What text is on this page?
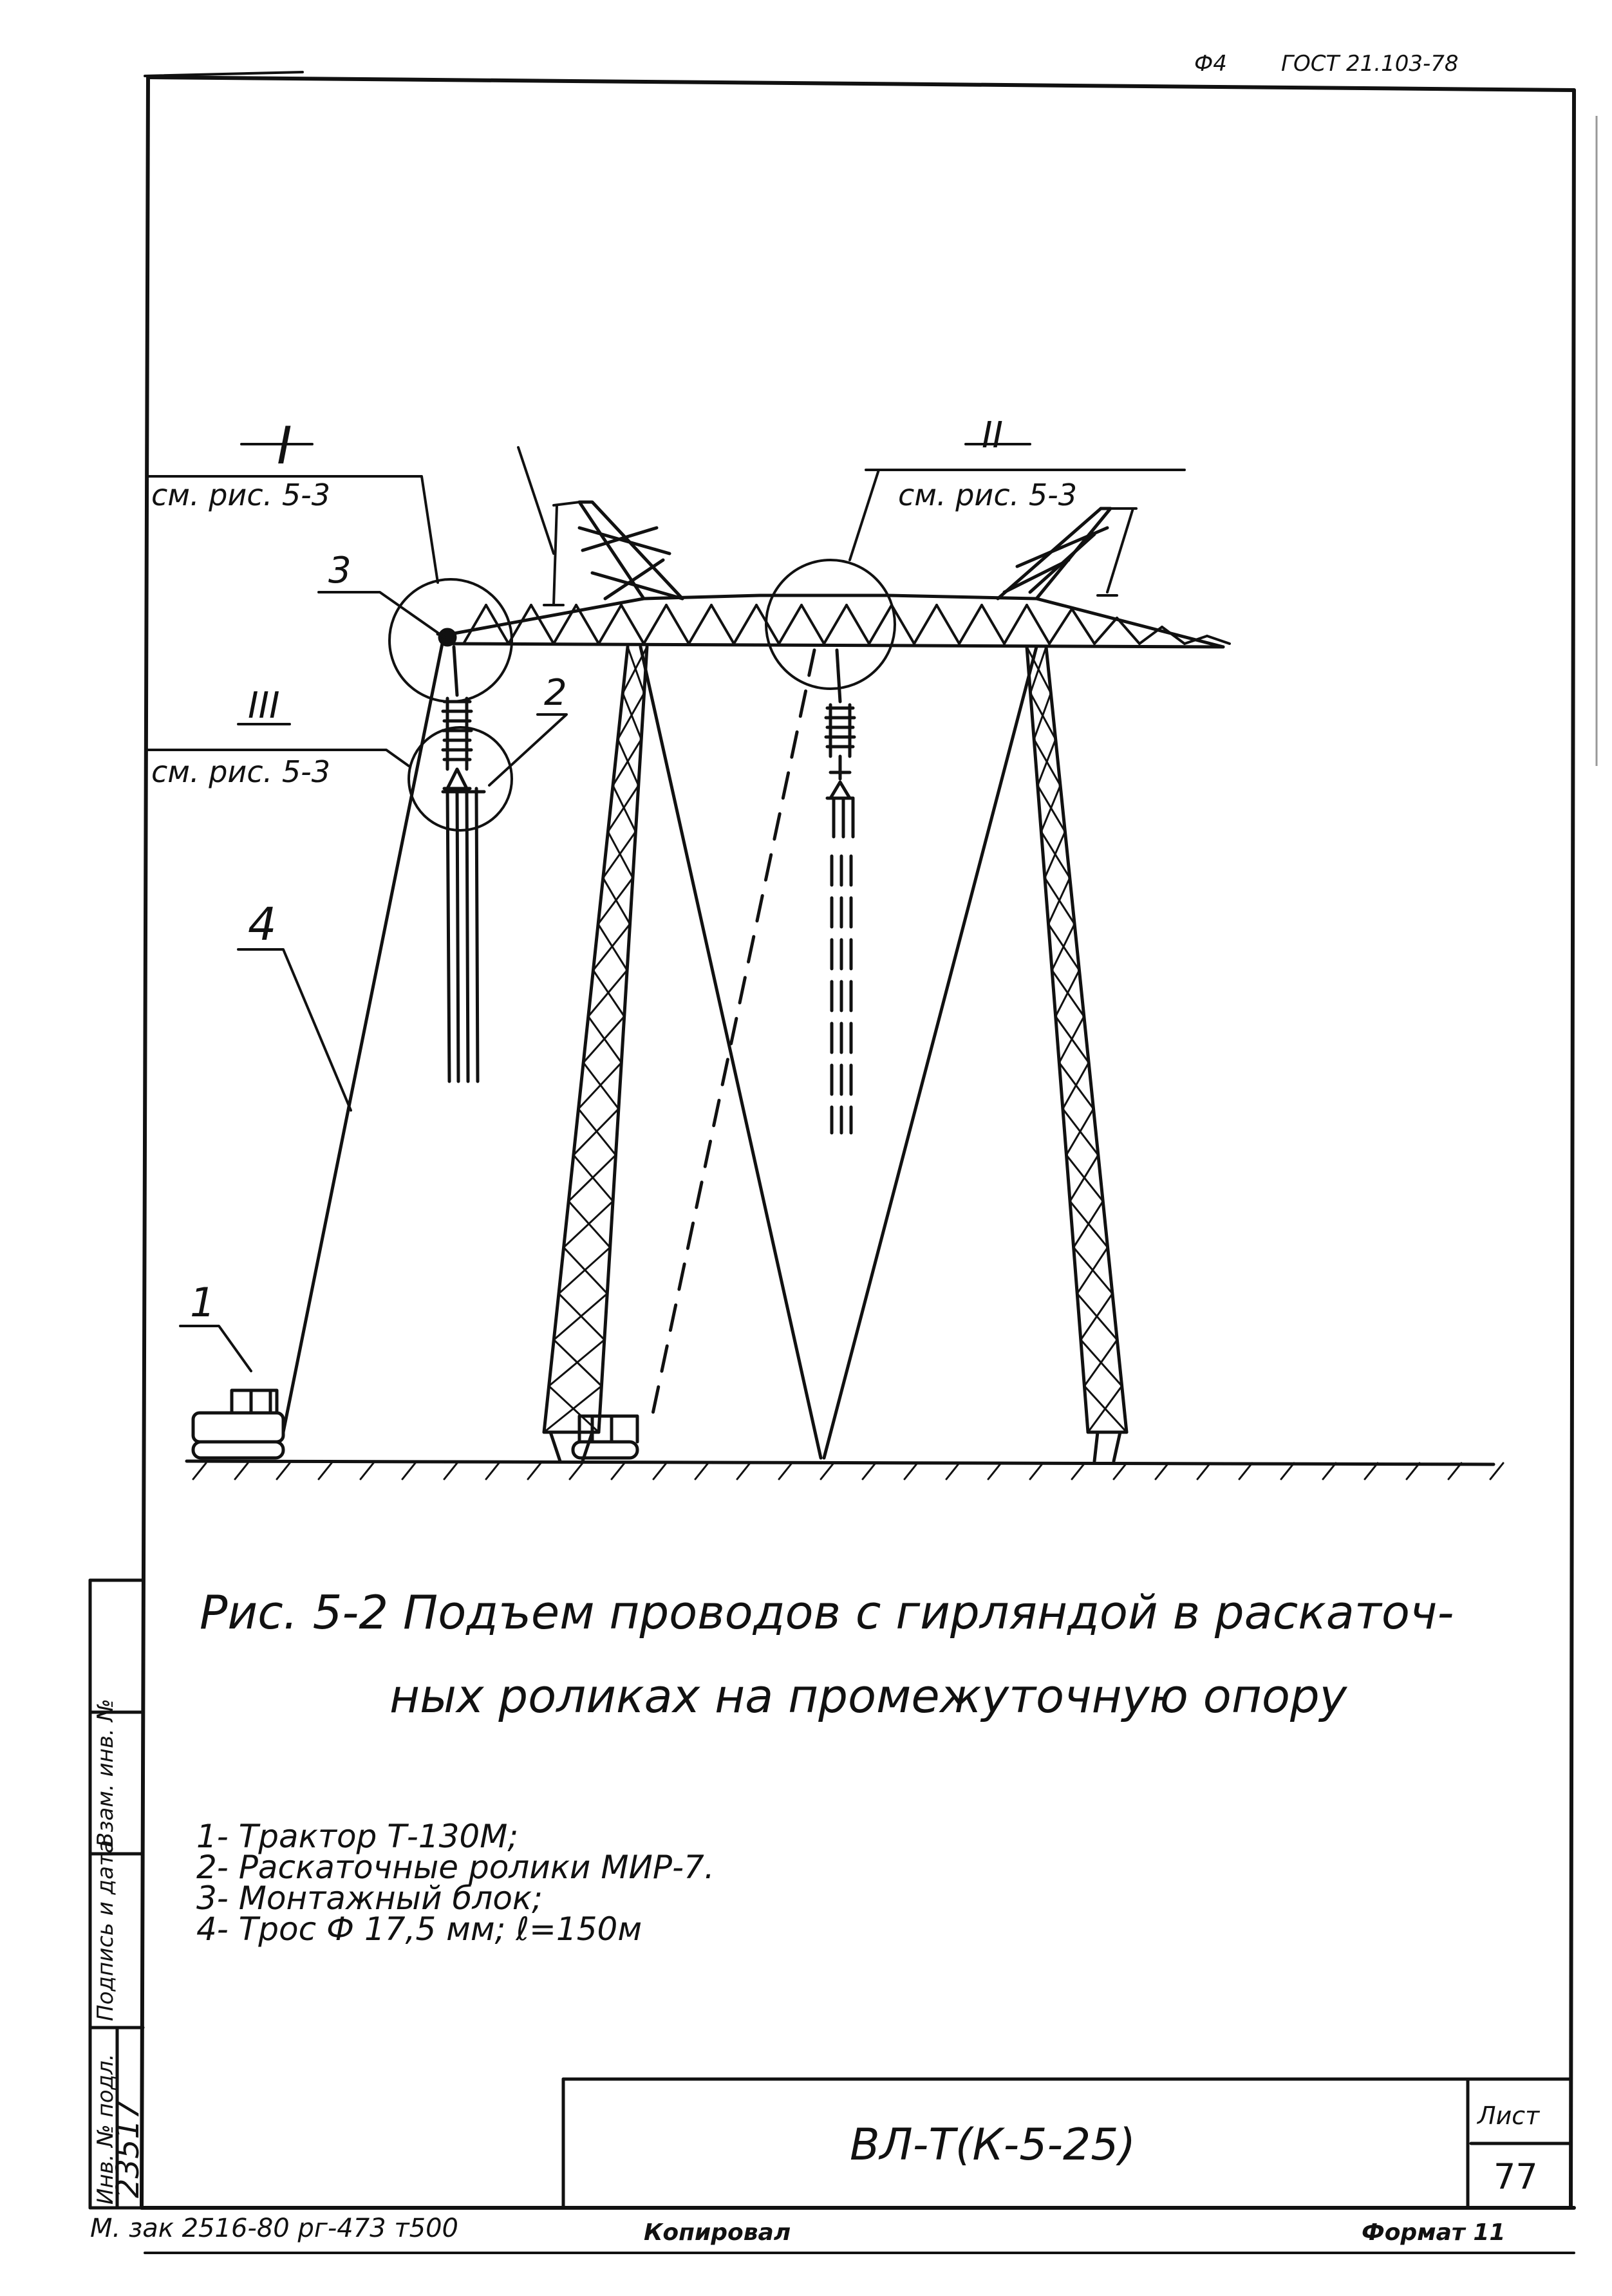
Ф4 ГОСТ 21.103-78
I
см. рис. 5-3
II
см. рис. 5-3
III
см. рис. 5-3
3
2
4
1
Рис. 5-2 Подъем проводов с гирляндой в раскаточ-
ных роликах на промежуточную опору
1- Трактор Т-130М;
2- Раскаточные ролики МИР-7.
3- Монтажный блок;
4- Трос Ф 17,5 мм; ℓ=150м
ВЛ-Т(К-5-25)
Лист
77
Инв. № подл.
23517
Подпись и дата
Взам. инв. №
М. зак 2516-80 рг-473 т500	Копировал	Формат 11
